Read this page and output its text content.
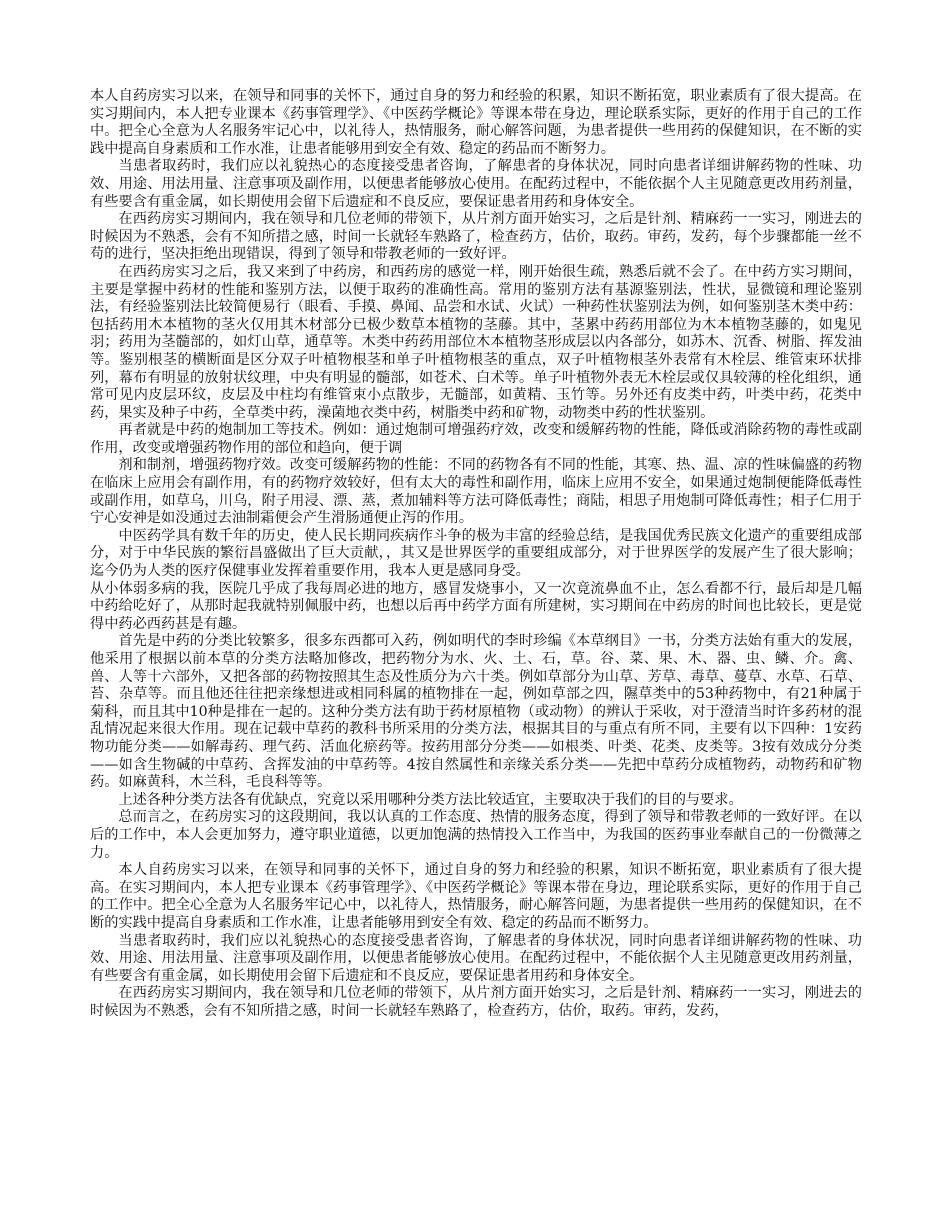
本人自药房实习以来，在领导和同事的关怀下，通过自身的努力和经验的积累，知识不断拓宽，职业素质有了很大提高。在实习期间内，本人把专业课本《药事管理学》、《中医药学概论》等课本带在身边，理论联系实际，更好的作用于自己的工作中。把全心全意为人名服务牢记心中，以礼待人，热情服务，耐心解答问题，为患者提供一些用药的保健知识，在不断的实践中提高自身素质和工作水准，让患者能够用到安全有效、稳定的药品而不断努力。

当患者取药时，我们应以礼貌热心的态度接受患者咨询，了解患者的身体状况，同时向患者详细讲解药物的性味、功效、用途、用法用量、注意事项及副作用，以便患者能够放心使用。在配药过程中，不能依据个人主见随意更改用药剂量，有些要含有重金属，如长期使用会留下后遗症和不良反应，要保证患者用药和身体安全。

在西药房实习期间内，我在领导和几位老师的带领下，从片剂方面开始实习，之后是针剂、精麻药一一实习，刚进去的时候因为不熟悉，会有不知所措之感，时间一长就轻车熟路了，检查药方，估价，取药。审药，发药，每个步骤都能一丝不苟的进行，坚决拒绝出现错误，得到了领导和带教老师的一致好评。

在西药房实习之后，我又来到了中药房，和西药房的感觉一样，刚开始很生疏，熟悉后就不会了。在中药方实习期间，主要是掌握中药材的性能和鉴别方法，以便于取药的准确性高。常用的鉴别方法有基源鉴别法，性状，显微镜和理论鉴别法，有经验鉴别法比较简便易行（眼看、手摸、鼻闻、品尝和水试、火试）一种药性状鉴别法为例，如何鉴别茎木类中药：包括药用木本植物的茎火仅用其木材部分已极少数草本植物的茎藤。其中，茎累中药药用部位为木本植物茎藤的，如鬼见羽；药用为茎髓部的，如灯山草，通草等。木类中药药用部位木本植物茎形成层以内各部分，如苏木、沉香、树脂、挥发油等。鉴别根茎的横断面是区分双子叶植物根茎和单子叶植物根茎的重点，双子叶植物根茎外表常有木栓层、维管束环状排列，幕布有明显的放射状纹理，中央有明显的髓部，如苍术、白术等。单子叶植物外表无木栓层或仅具较薄的栓化组织，通常可见内皮层环纹，皮层及中柱均有维管束小点散步，无髓部，如黄精、玉竹等。另外还有皮类中药，叶类中药，花类中药，果实及种子中药，全草类中药，澡菌地衣类中药，树脂类中药和矿物，动物类中药的性状鉴别。

再者就是中药的炮制加工等技术。例如：通过炮制可增强药疗效，改变和缓解药物的性能，降低或消除药物的毒性或副作用，改变或增强药物作用的部位和趋向，便于调

剂和制剂，增强药物疗效。改变可缓解药物的性能：不同的药物各有不同的性能，其寒、热、温、凉的性味偏盛的药物在临床上应用会有副作用，有的药物疗效较好，但有太大的毒性和副作用，临床上应用不安全，如果通过炮制便能降低毒性或副作用，如草乌，川乌，附子用浸、漂、蒸，煮加辅料等方法可降低毒性；商陆，相思子用炮制可降低毒性；相子仁用于宁心安神是如没通过去油制霜便会产生滑肠通便止泻的作用。

中医药学具有数千年的历史，使人民长期同疾病作斗争的极为丰富的经验总结，是我国优秀民族文化遗产的重要组成部分，对于中华民族的繁衍昌盛做出了巨大贡献，，其又是世界医学的重要组成部分，对于世界医学的发展产生了很大影响；迄今仍为人类的医疗保健事业发挥着重要作用，我本人更是感同身受。

从小体弱多病的我，医院几乎成了我每周必进的地方，感冒发烧事小，又一次竟流鼻血不止，怎么看都不行，最后却是几幅中药给吃好了，从那时起我就特别佩服中药，也想以后再中药学方面有所建树，实习期间在中药房的时间也比较长，更是觉得中药必西药甚是有趣。

首先是中药的分类比较繁多，很多东西都可入药，例如明代的李时珍编《本草纲目》一书，分类方法始有重大的发展，他采用了根据以前本草的分类方法略加修改，把药物分为水、火、土、石，草。谷、菜、果、木、器、虫、鳞、介。禽、兽、人等十六部外，又把各部的药物按照其生态及性质分为六十类。例如草部分为山草、芳草、毒草、蔓草、水草、石草、苔、杂草等。而且他还往往把亲缘想进或相同科属的植物排在一起，例如草部之四，隰草类中的53种药物中，有21种属于菊科，而且其中10种是排在一起的。这种分类方法有助于药材原植物（或动物）的辨认于采收，对于澄清当时许多药材的混乱情况起来很大作用。现在记载中草药的教科书所采用的分类方法，根据其目的与重点有所不同，主要有以下四种：1安药物功能分类——如解毒药、理气药、活血化瘀药等。按药用部分分类——如根类、叶类、花类、皮类等。3按有效成分分类——如含生物碱的中草药、含挥发油的中草药等。4按自然属性和亲缘关系分类——先把中草药分成植物药，动物药和矿物药。如麻黄科，木兰科，毛良科等等。

上述各种分类方法各有优缺点，究竟以采用哪种分类方法比较适宜，主要取决于我们的目的与要求。

总而言之，在药房实习的这段期间，我以认真的工作态度、热情的服务态度，得到了领导和带教老师的一致好评。在以后的工作中，本人会更加努力，遵守职业道德，以更加饱满的热情投入工作当中，为我国的医药事业奉献自己的一份微薄之力。

本人自药房实习以来，在领导和同事的关怀下，通过自身的努力和经验的积累，知识不断拓宽，职业素质有了很大提高。在实习期间内，本人把专业课本《药事管理学》、《中医药学概论》等课本带在身边，理论联系实际，更好的作用于自己的工作中。把全心全意为人名服务牢记心中，以礼待人，热情服务，耐心解答问题，为患者提供一些用药的保健知识，在不断的实践中提高自身素质和工作水准，让患者能够用到安全有效、稳定的药品而不断努力。

当患者取药时，我们应以礼貌热心的态度接受患者咨询，了解患者的身体状况，同时向患者详细讲解药物的性味、功效、用途、用法用量、注意事项及副作用，以便患者能够放心使用。在配药过程中，不能依据个人主见随意更改用药剂量，有些要含有重金属，如长期使用会留下后遗症和不良反应，要保证患者用药和身体安全。

在西药房实习期间内，我在领导和几位老师的带领下，从片剂方面开始实习，之后是针剂、精麻药一一实习，刚进去的时候因为不熟悉，会有不知所措之感，时间一长就轻车熟路了，检查药方，估价，取药。审药，发药，
